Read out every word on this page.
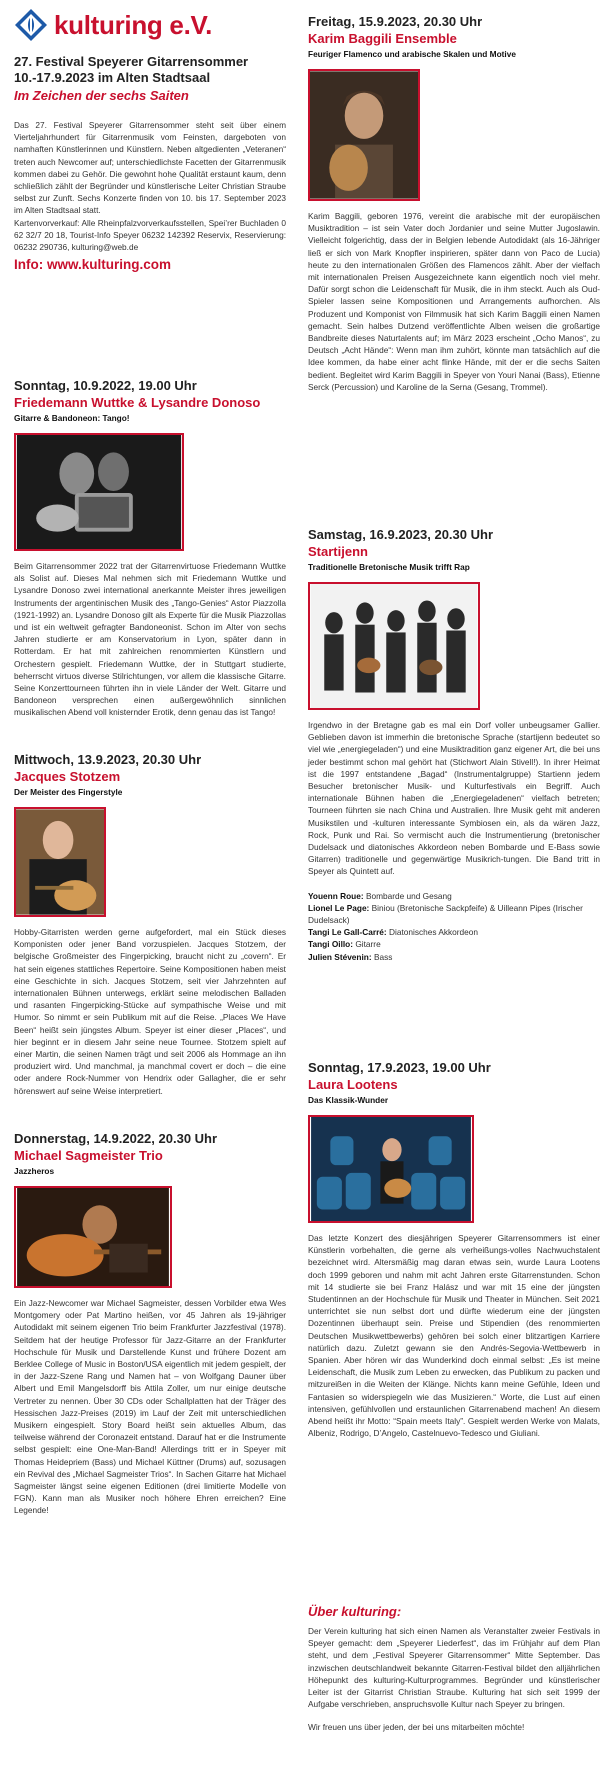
kulturing e.V.
27. Festival Speyerer Gitarrensommer
10.-17.9.2023 im Alten Stadtsaal
Im Zeichen der sechs Saiten

Das 27. Festival Speyerer Gitarrensommer steht seit über einem Vierteljahrhundert für Gitarrenmusik vom Feinsten, dargeboten von namhaften Künstlerinnen und Künstlern. Neben altgedienten „Veteranen“ treten auch Newcomer auf; unterschiedlichste Facetten der Gitarrenmusik kommen dabei zu Gehör. Die gewohnt hohe Qualität erstaunt kaum, denn schließlich zählt der Begründer und künstlerische Leiter Christian Straube selbst zur Zunft. Sechs Konzerte finden von 10. bis 17. September 2023 im Alten Stadtsaal statt.

Kartenvorverkauf: Alle Rheinpfalzvorverkaufsstellen, Spei’rer Buchladen 0 62 32/7 20 18, Tourist-Info Speyer 06232 142392 Reservix, Reservierung: 06232 290736, kulturing@web.de

Info: www.kulturing.com
Sonntag, 10.9.2022, 19.00 Uhr
Friedemann Wuttke & Lysandre Donoso
Gitarre & Bandoneon: Tango!

Beim Gitarrensommer 2022 trat der Gitarrenvirtuose Friedemann Wuttke als Solist auf. Dieses Mal nehmen sich mit Friedemann Wuttke und Lysandre Donoso zwei international anerkannte Meister ihres jeweiligen Instruments der argentinischen Musik des „Tango-Genies“ Astor Piazzolla (1921-1992) an. Lysandre Donoso gilt als Experte für die Musik Piazzollas und ist ein weltweit gefragter Bandoneonist. Schon im Alter von sechs Jahren studierte er am Konservatorium in Lyon, später dann in Rotterdam. Er hat mit zahlreichen renommierten Künstlern und Orchestern gespielt. Friedemann Wuttke, der in Stuttgart studierte, beherrscht virtuos diverse Stilrichtungen, vor allem die klassische Gitarre. Seine Konzerttourneen führten ihn in viele Länder der Welt. Gitarre und Bandoneon versprechen einen außergewöhnlich sinnlichen musikalischen Abend voll knisternder Erotik, denn genau das ist Tango!

Mittwoch, 13.9.2023, 20.30 Uhr
Jacques Stotzem
Der Meister des Fingerstyle

Hobby-Gitarristen werden gerne aufgefordert, mal ein Stück dieses Komponisten oder jener Band vorzuspielen. Jacques Stotzem, der belgische Großmeister des Fingerpicking, braucht nicht zu „covern“. Er hat sein eigenes stattliches Repertoire. Seine Kompositionen haben meist eine Geschichte in sich. Jacques Stotzem, seit vier Jahrzehnten auf internationalen Bühnen unterwegs, erklärt seine melodischen Balladen und rasanten Fingerpicking-Stücke auf sympathische Weise und mit Humor. So nimmt er sein Publikum mit auf die Reise. „Places We Have Been“ heißt sein jüngstes Album. Speyer ist einer dieser „Places“, und hier beginnt er in diesem Jahr seine neue Tournee. Stotzem spielt auf einer Martin, die seinen Namen trägt und seit 2006 als Hommage an ihn produziert wird. Und manchmal, ja manchmal covert er doch – die eine oder andere Rock-Nummer von Hendrix oder Gallagher, die er sehr hörenswert auf seine Weise interpretiert.

Donnerstag, 14.9.2022, 20.30 Uhr
Michael Sagmeister Trio
Jazzheros

Ein Jazz-Newcomer war Michael Sagmeister, dessen Vorbilder etwa Wes Montgomery oder Pat Martino heißen, vor 45 Jahren als 19-jähriger Autodidakt mit seinem eigenen Trio beim Frankfurter Jazzfestival (1978). Seitdem hat der heutige Professor für Jazz-Gitarre an der Frankfurter Hochschule für Musik und Darstellende Kunst und frühere Dozent am Berklee College of Music in Boston/USA eigentlich mit jedem gespielt, der in der Jazz-Szene Rang und Namen hat – von Wolfgang Dauner über Albert und Emil Mangelsdorff bis Attila Zoller, um nur einige deutsche Vertreter zu nennen. Über 30 CDs oder Schallplatten hat der Träger des Hessischen Jazz-Preises (2019) im Lauf der Zeit mit unterschiedlichen Musikern eingespielt. Story Board heißt sein aktuelles Album, das teilweise während der Coronazeit entstand. Darauf hat er die Instrumente selbst gespielt: eine One-Man-Band! Allerdings tritt er in Speyer mit Thomas Heidepriem (Bass) und Michael Küttner (Drums) auf, sozusagen ein Revival des „Michael Sagmeister Trios“. In Sachen Gitarre hat Michael Sagmeister längst seine eigenen Editionen (drei limitierte Modelle von FGN). Kann man als Musiker noch höhere Ehren erreichen? Eine Legende!

Freitag, 15.9.2023, 20.30 Uhr
Karim Baggili Ensemble
Feuriger Flamenco und arabische Skalen und Motive

Karim Baggili, geboren 1976, vereint die arabische mit der europäischen Musiktradition – ist sein Vater doch Jordanier und seine Mutter Jugoslawin. Vielleicht folgerichtig, dass der in Belgien lebende Autodidakt (als 16-Jähriger ließ er sich von Mark Knopfler inspirieren, später dann von Paco de Lucia) heute zu den internationalen Größen des Flamencos zählt. Aber der vielfach mit internationalen Preisen Ausgezeichnete kann eigentlich noch viel mehr. Dafür sorgt schon die Leidenschaft für Musik, die in ihm steckt. Auch als Oud-Spieler lassen seine Kompositionen und Arrangements aufhorchen. Als Produzent und Komponist von Filmmusik hat sich Karim Baggili einen Namen gemacht. Sein halbes Dutzend veröffentlichte Alben weisen die großartige Bandbreite dieses Naturtalents auf; im März 2023 erscheint „Ocho Manos“, zu Deutsch „Acht Hände“: Wenn man ihm zuhört, könnte man tatsächlich auf die Idee kommen, da habe einer acht flinke Hände, mit der er die sechs Saiten bedient. Begleitet wird Karim Baggili in Speyer von Youri Nanai (Bass), Etienne Serck (Percussion) und Karoline de la Serna (Gesang, Trommel).

Samstag, 16.9.2023, 20.30 Uhr
Startijenn
Traditionelle Bretonische Musik trifft Rap

Irgendwo in der Bretagne gab es mal ein Dorf voller unbeugsamer Gallier. Geblieben davon ist immerhin die bretonische Sprache (startijenn bedeutet so viel wie „energiegeladen“) und eine Musiktradition ganz eigener Art, die bei uns jeder bestimmt schon mal gehört hat (Stichwort Alain Stivell!). In ihrer Heimat ist die 1997 entstandene „Bagad“ (Instrumentalgruppe) Startienn jedem Besucher bretonischer Musik- und Kulturfestivals ein Begriff. Auch internationale Bühnen haben die „Energiegeladenen“ vielfach betreten; Tourneen führten sie nach China und Australien. Ihre Musik geht mit anderen Musikstilen und -kulturen interessante Symbiosen ein, als da wären Jazz, Rock, Punk und Rai. So vermischt auch die Instrumentierung (bretonischer Dudelsack und diatonisches Akkordeon neben Bombarde und E-Bass sowie Gitarren) traditionelle und gegenwärtige Musikrich-tungen. Die Band tritt in Speyer als Quintett auf.

Youenn Roue: Bombarde und Gesang
Lionel Le Page: Biniou (Bretonische Sackpfeife) & Uilleann Pipes (Irischer Dudelsack)
Tangi Le Gall-Carré: Diatonisches Akkordeon
Tangi Oillo: Gitarre
Julien Stévenin: Bass
Sonntag, 17.9.2023, 19.00 Uhr
Laura Lootens
Das Klassik-Wunder

Das letzte Konzert des diesjährigen Speyerer Gitarrensommers ist einer Künstlerin vorbehalten, die gerne als verheißungs-volles Nachwuchstalent bezeichnet wird. Altersmäßig mag daran etwas sein, wurde Laura Lootens doch 1999 geboren und nahm mit acht Jahren erste Gitarrenstunden. Schon mit 14 studierte sie bei Franz Halász und war mit 15 eine der jüngsten Studentinnen an der Hochschule für Musik und Theater in München. Seit 2021 unterrichtet sie nun selbst dort und dürfte wiederum eine der jüngsten Dozentinnen überhaupt sein. Preise und Stipendien (des renommierten Deutschen Musikwettbewerbs) gehören bei solch einer blitzartigen Karriere natürlich dazu. Zuletzt gewann sie den Andrés-Segovia-Wettbewerb in Spanien. Aber hören wir das Wunderkind doch einmal selbst: „Es ist meine Leidenschaft, die Musik zum Leben zu erwecken, das Publikum zu packen und mitzureißen in die Weiten der Klänge. Nichts kann meine Gefühle, Ideen und Fantasien so widerspiegeln wie das Musizieren.“ Worte, die Lust auf einen intensiven, gefühlvollen und erstaunlichen Gitarrenabend machen! An diesem Abend heißt ihr Motto: “Spain meets Italy”. Gespielt werden Werke von Malats, Albeniz, Rodrigo, D’Angelo, Castelnuevo-Tedesco und Giuliani.

Über kulturing:

Der Verein kulturing hat sich einen Namen als Veranstalter zweier Festivals in Speyer gemacht: dem „Speyerer Liederfest“, das im Frühjahr auf dem Plan steht, und dem „Festival Speyerer Gitarrensommer“ Mitte September. Das inzwischen deutschlandweit bekannte Gitarren-Festival bildet den alljährlichen Höhepunkt des kulturing-Kulturprogrammes. Begründer und künstlerischer Leiter ist der Gitarrist Christian Straube. Kulturing hat sich seit 1999 der Aufgabe verschrieben, anspruchsvolle Kultur nach Speyer zu bringen.

Wir freuen uns über jeden, der bei uns mitarbeiten möchte!
